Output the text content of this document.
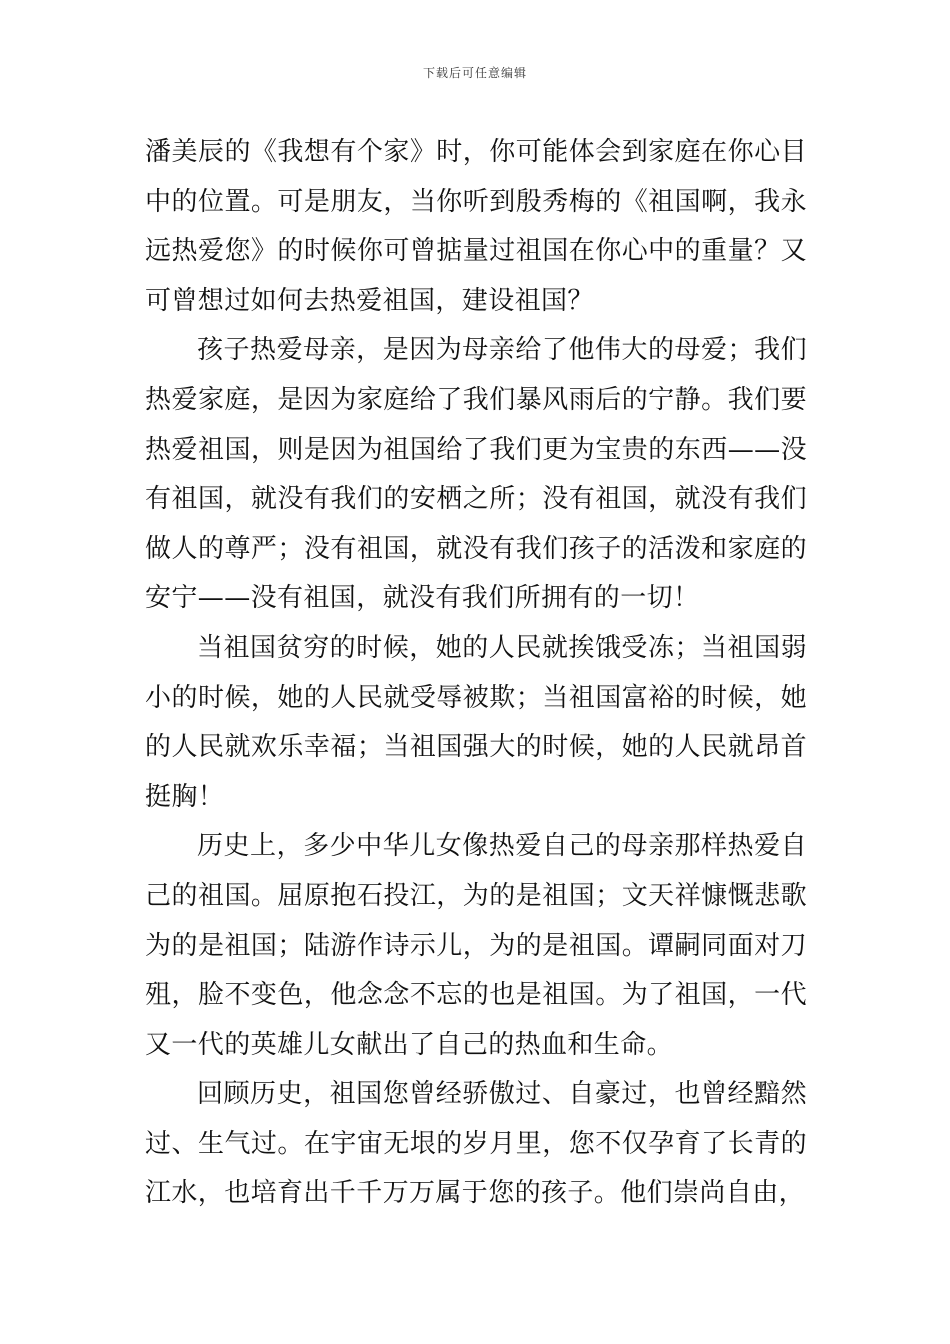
下载后可任意编辑

潘美辰的《我想有个家》时，你可能体会到家庭在你心目中的位置。可是朋友，当你听到殷秀梅的《祖国啊，我永远热爱您》的时候你可曾掂量过祖国在你心中的重量？又可曾想过如何去热爱祖国，建设祖国？

孩子热爱母亲，是因为母亲给了他伟大的母爱；我们热爱家庭，是因为家庭给了我们暴风雨后的宁静。我们要热爱祖国，则是因为祖国给了我们更为宝贵的东西——没有祖国，就没有我们的安栖之所；没有祖国，就没有我们做人的尊严；没有祖国，就没有我们孩子的活泼和家庭的安宁——没有祖国，就没有我们所拥有的一切！

当祖国贫穷的时候，她的人民就挨饿受冻；当祖国弱小的时候，她的人民就受辱被欺；当祖国富裕的时候，她的人民就欢乐幸福；当祖国强大的时候，她的人民就昂首挺胸！

历史上，多少中华儿女像热爱自己的母亲那样热爱自己的祖国。屈原抱石投江，为的是祖国；文天祥慷慨悲歌为的是祖国；陆游作诗示儿，为的是祖国。谭嗣同面对刀殂，脸不变色，他念念不忘的也是祖国。为了祖国，一代又一代的英雄儿女献出了自己的热血和生命。

回顾历史，祖国您曾经骄傲过、自豪过，也曾经黯然过、生气过。在宇宙无垠的岁月里，您不仅孕育了长青的江水，也培育出千千万万属于您的孩子。他们崇尚自由，
